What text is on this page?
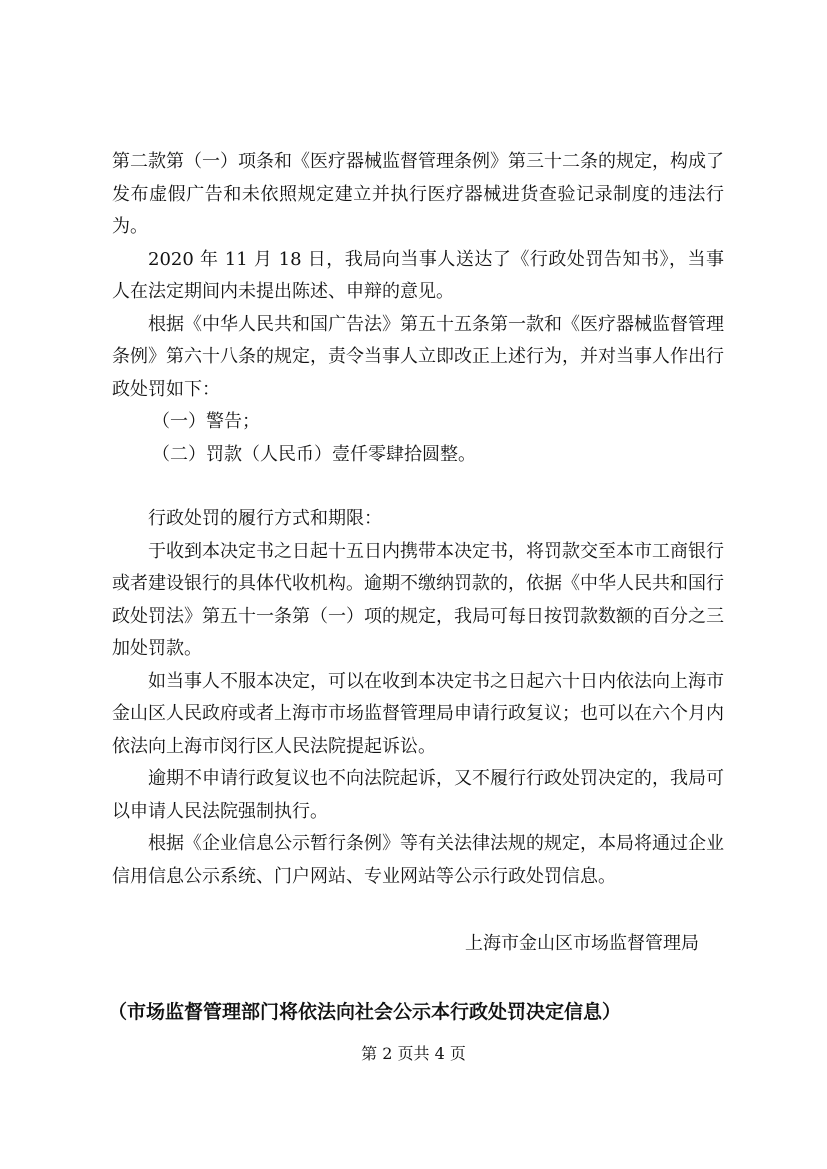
第二款第（一）项条和《医疗器械监督管理条例》第三十二条的规定，构成了发布虚假广告和未依照规定建立并执行医疗器械进货查验记录制度的违法行为。

2020 年 11 月 18 日，我局向当事人送达了《行政处罚告知书》，当事人在法定期间内未提出陈述、申辩的意见。

根据《中华人民共和国广告法》第五十五条第一款和《医疗器械监督管理条例》第六十八条的规定，责令当事人立即改正上述行为，并对当事人作出行政处罚如下：

（一）警告；

（二）罚款（人民币）壹仟零肆拾圆整。

行政处罚的履行方式和期限：

于收到本决定书之日起十五日内携带本决定书，将罚款交至本市工商银行或者建设银行的具体代收机构。逾期不缴纳罚款的，依据《中华人民共和国行政处罚法》第五十一条第（一）项的规定，我局可每日按罚款数额的百分之三加处罚款。

如当事人不服本决定，可以在收到本决定书之日起六十日内依法向上海市金山区人民政府或者上海市市场监督管理局申请行政复议；也可以在六个月内依法向上海市闵行区人民法院提起诉讼。

逾期不申请行政复议也不向法院起诉，又不履行行政处罚决定的，我局可以申请人民法院强制执行。

根据《企业信息公示暂行条例》等有关法律法规的规定，本局将通过企业信用信息公示系统、门户网站、专业网站等公示行政处罚信息。

上海市金山区市场监督管理局
（市场监督管理部门将依法向社会公示本行政处罚决定信息）
第 2 页共 4 页
